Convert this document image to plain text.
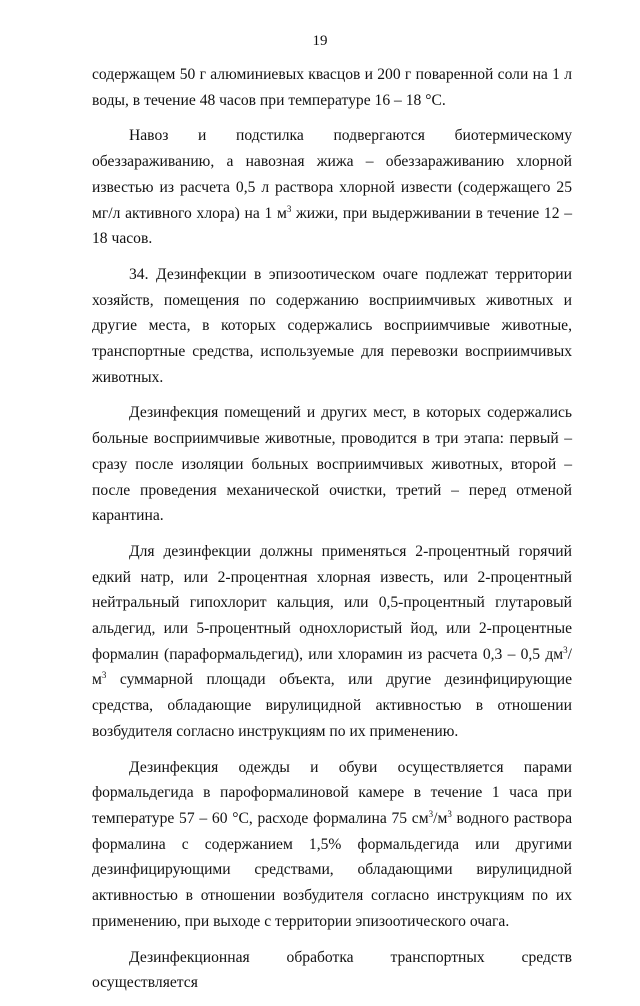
19

содержащем 50 г алюминиевых квасцов и 200 г поваренной соли на 1 л воды, в течение 48 часов при температуре 16 – 18 °С.

Навоз и подстилка подвергаются биотермическому обеззараживанию, а навозная жижа – обеззараживанию хлорной известью из расчета 0,5 л раствора хлорной извести (содержащего 25 мг/л активного хлора) на 1 $м^3$ жижи, при выдерживании в течение 12 – 18 часов.

34. Дезинфекции в эпизоотическом очаге подлежат территории хозяйств, помещения по содержанию восприимчивых животных и другие места, в которых содержались восприимчивые животные, транспортные средства, используемые для перевозки восприимчивых животных.

Дезинфекция помещений и других мест, в которых содержались больные восприимчивые животные, проводится в три этапа: первый – сразу после изоляции больных восприимчивых животных, второй – после проведения механической очистки, третий – перед отменой карантина.

Для дезинфекции должны применяться 2-процентный горячий едкий натр, или 2-процентная хлорная известь, или 2-процентный нейтральный гипохлорит кальция, или 0,5-процентный глутаровый альдегид, или 5-процентный однохлористый йод, или 2-процентные формалин (параформальдегид), или хлорамин из расчета 0,3 – 0,5 $дм^3/м^3$ суммарной площади объекта, или другие дезинфицирующие средства, обладающие вирулицидной активностью в отношении возбудителя согласно инструкциям по их применению.

Дезинфекция одежды и обуви осуществляется парами формальдегида в пароформалиновой камере в течение 1 часа при температуре 57 – 60 °С, расходе формалина 75 $см^3/м^3$ водного раствора формалина с содержанием 1,5% формальдегида или другими дезинфицирующими средствами, обладающими вирулицидной активностью в отношении возбудителя согласно инструкциям по их применению, при выходе с территории эпизоотического очага.

Дезинфекционная обработка транспортных средств осуществляется
